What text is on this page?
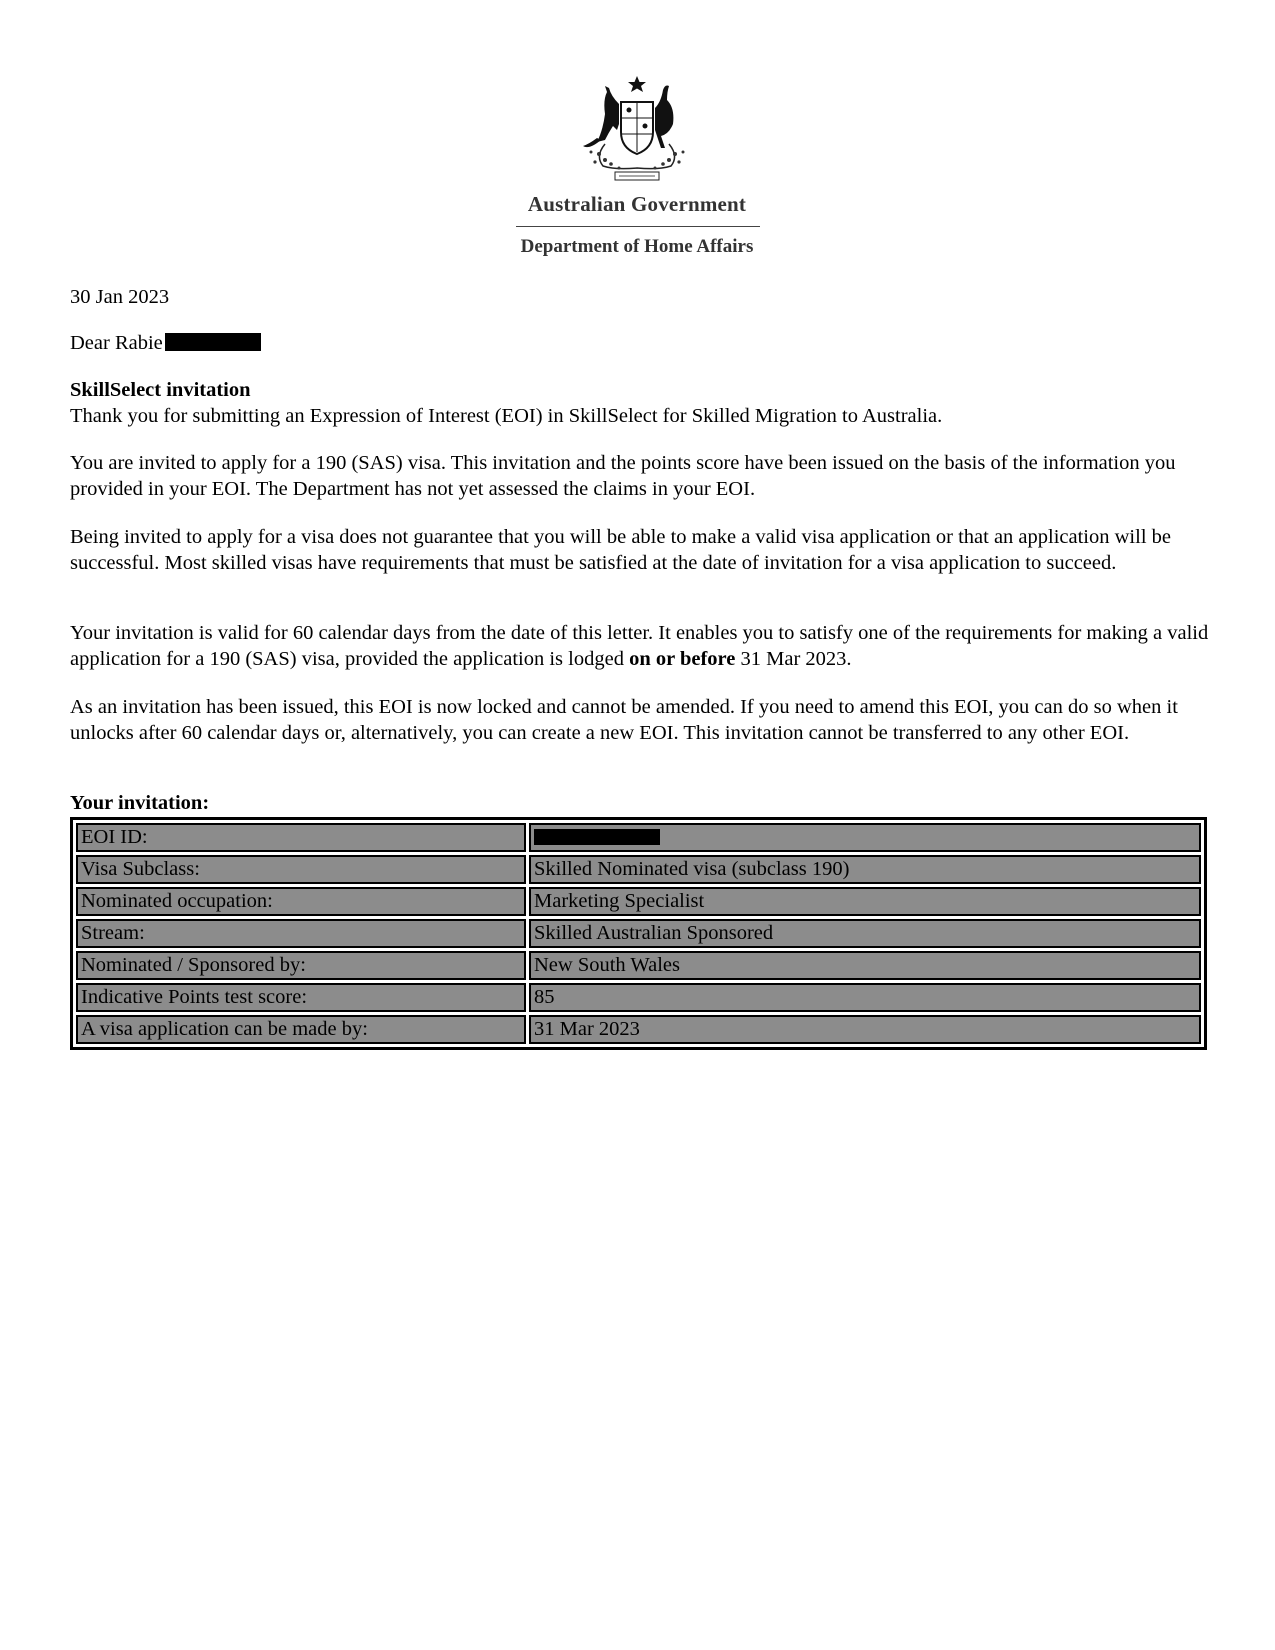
Australian Government
Department of Home Affairs
30 Jan 2023
Dear Rabie
SkillSelect invitation
Thank you for submitting an Expression of Interest (EOI) in SkillSelect for Skilled Migration to Australia.
You are invited to apply for a 190 (SAS) visa. This invitation and the points score have been issued on the basis of the information you provided in your EOI. The Department has not yet assessed the claims in your EOI.
Being invited to apply for a visa does not guarantee that you will be able to make a valid visa application or that an application will be successful. Most skilled visas have requirements that must be satisfied at the date of invitation for a visa application to succeed.
Your invitation is valid for 60 calendar days from the date of this letter. It enables you to satisfy one of the requirements for making a valid application for a 190 (SAS) visa, provided the application is lodged on or before 31 Mar 2023.
As an invitation has been issued, this EOI is now locked and cannot be amended. If you need to amend this EOI, you can do so when it unlocks after 60 calendar days or, alternatively, you can create a new EOI. This invitation cannot be transferred to any other EOI.
Your invitation:
EOI ID:	
Visa Subclass:	Skilled Nominated visa (subclass 190)
Nominated occupation:	Marketing Specialist
Stream:	Skilled Australian Sponsored
Nominated / Sponsored by:	New South Wales
Indicative Points test score:	85
A visa application can be made by:	31 Mar 2023
